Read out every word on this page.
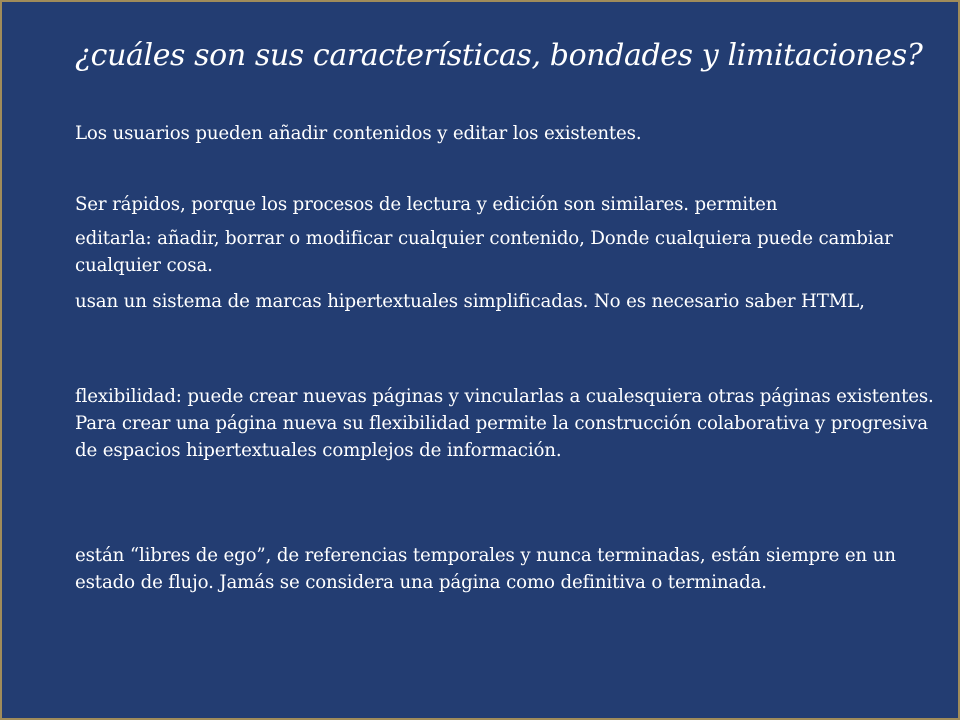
¿cuáles son sus características, bondades y limitaciones?

Los usuarios pueden añadir contenidos y editar los existentes.

Ser rápidos, porque los procesos de lectura y edición son similares. permiten

editarla: añadir, borrar o modificar cualquier contenido, Donde cualquiera puede cambiar cualquier cosa.

usan un sistema de marcas hipertextuales simplificadas. No es necesario saber HTML,

flexibilidad: puede crear nuevas páginas y vincularlas a cualesquiera otras páginas existentes. Para crear una página nueva su flexibilidad permite la construcción colaborativa y progresiva de espacios hipertextuales complejos de información.

están “libres de ego”, de referencias temporales y nunca terminadas, están siempre en un estado de flujo. Jamás se considera una página como definitiva o terminada.
